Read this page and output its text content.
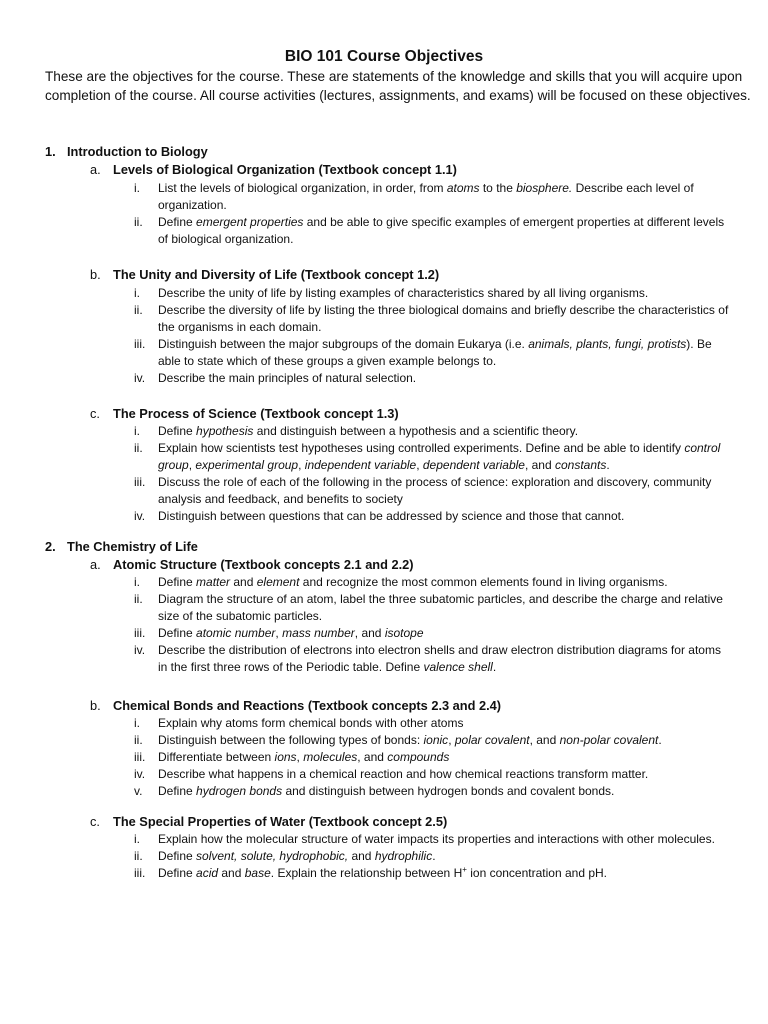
BIO 101 Course Objectives
These are the objectives for the course. These are statements of the knowledge and skills that you will acquire upon completion of the course. All course activities (lectures, assignments, and exams) will be focused on these objectives.
1. Introduction to Biology
a. Levels of Biological Organization (Textbook concept 1.1)
i.	List the levels of biological organization, in order, from atoms to the biosphere. Describe each level of organization.
ii.	Define emergent properties and be able to give specific examples of emergent properties at different levels of biological organization.
b. The Unity and Diversity of Life (Textbook concept 1.2)
i.	Describe the unity of life by listing examples of characteristics shared by all living organisms.
ii.	Describe the diversity of life by listing the three biological domains and briefly describe the characteristics of the organisms in each domain.
iii.	Distinguish between the major subgroups of the domain Eukarya (i.e. animals, plants, fungi, protists). Be able to state which of these groups a given example belongs to.
iv.	Describe the main principles of natural selection.
c. The Process of Science (Textbook concept 1.3)
i.	Define hypothesis and distinguish between a hypothesis and a scientific theory.
ii.	Explain how scientists test hypotheses using controlled experiments. Define and be able to identify control group, experimental group, independent variable, dependent variable, and constants.
iii.	Discuss the role of each of the following in the process of science: exploration and discovery, community analysis and feedback, and benefits to society
iv.	Distinguish between questions that can be addressed by science and those that cannot.
2. The Chemistry of Life
a. Atomic Structure (Textbook concepts 2.1 and 2.2)
i.	Define matter and element and recognize the most common elements found in living organisms.
ii.	Diagram the structure of an atom, label the three subatomic particles, and describe the charge and relative size of the subatomic particles.
iii.	Define atomic number, mass number, and isotope
iv.	Describe the distribution of electrons into electron shells and draw electron distribution diagrams for atoms in the first three rows of the Periodic table. Define valence shell.
b. Chemical Bonds and Reactions (Textbook concepts 2.3 and 2.4)
i.	Explain why atoms form chemical bonds with other atoms
ii.	Distinguish between the following types of bonds: ionic, polar covalent, and non-polar covalent.
iii.	Differentiate between ions, molecules, and compounds
iv.	Describe what happens in a chemical reaction and how chemical reactions transform matter.
v.	Define hydrogen bonds and distinguish between hydrogen bonds and covalent bonds.
c. The Special Properties of Water (Textbook concept 2.5)
i.	Explain how the molecular structure of water impacts its properties and interactions with other molecules.
ii.	Define solvent, solute, hydrophobic, and hydrophilic.
iii.	Define acid and base. Explain the relationship between H+ ion concentration and pH.
